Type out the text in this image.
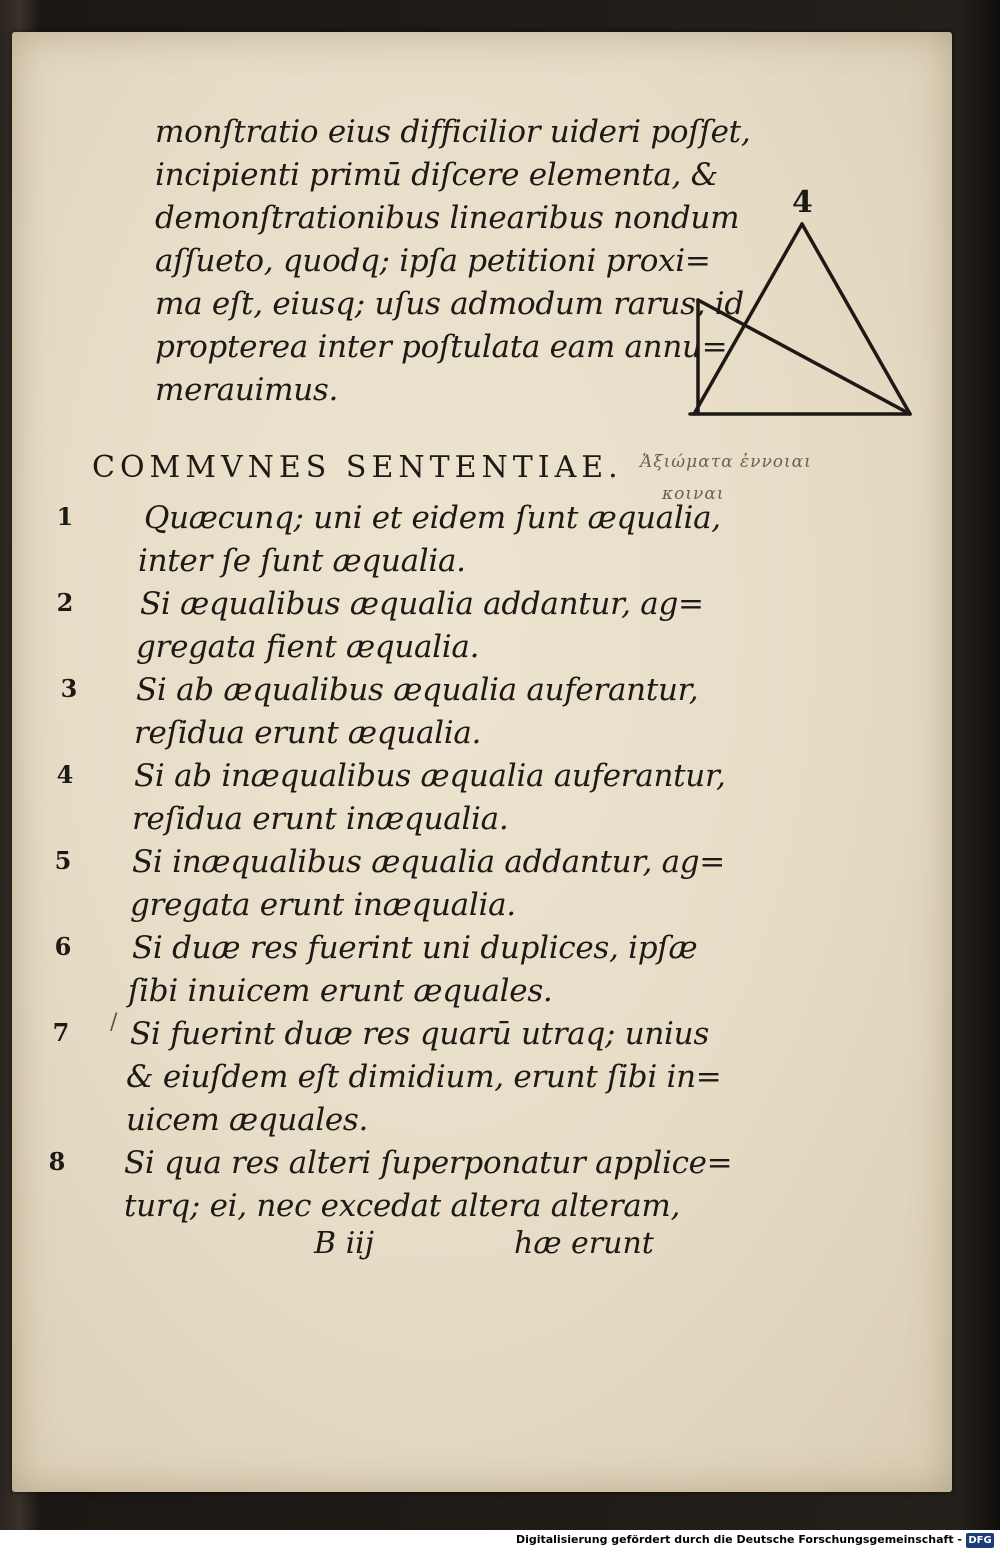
monſtratio eius difficilior uideri poſſet,
incipienti primū diſcere elementa, &
demonſtrationibus linearibus nondum
aſſueto, quodq; ipſa petitioni proxi=
ma eſt, eiusq; uſus admodum rarus, id
propterea inter poſtulata eam annu=
merauimus.
4
COMMVNES SENTENTIAE. Ἀξιώματα ἐννοιαι
κοιναι
1 Quæcunq; uni et eidem ſunt æqualia,
inter ſe ſunt æqualia.
2 Si æqualibus æqualia addantur, ag=
gregata fient æqualia.
3 Si ab æqualibus æqualia auferantur,
reſidua erunt æqualia.
4 Si ab inæqualibus æqualia auferantur,
reſidua erunt inæqualia.
5 Si inæqualibus æqualia addantur, ag=
gregata erunt inæqualia.
6 Si duæ res fuerint uni duplices, ipſæ
ſibi inuicem erunt æquales.
7	/ Si fuerint duæ res quarū utraq; unius
& eiuſdem eſt dimidium, erunt ſibi in=
uicem æquales.
8 Si qua res alteri ſuperponatur applice=
turq; ei, nec excedat altera alteram,
B iij	hæ erunt
Digitalisierung gefördert durch die Deutsche Forschungsgemeinschaft - DFG
